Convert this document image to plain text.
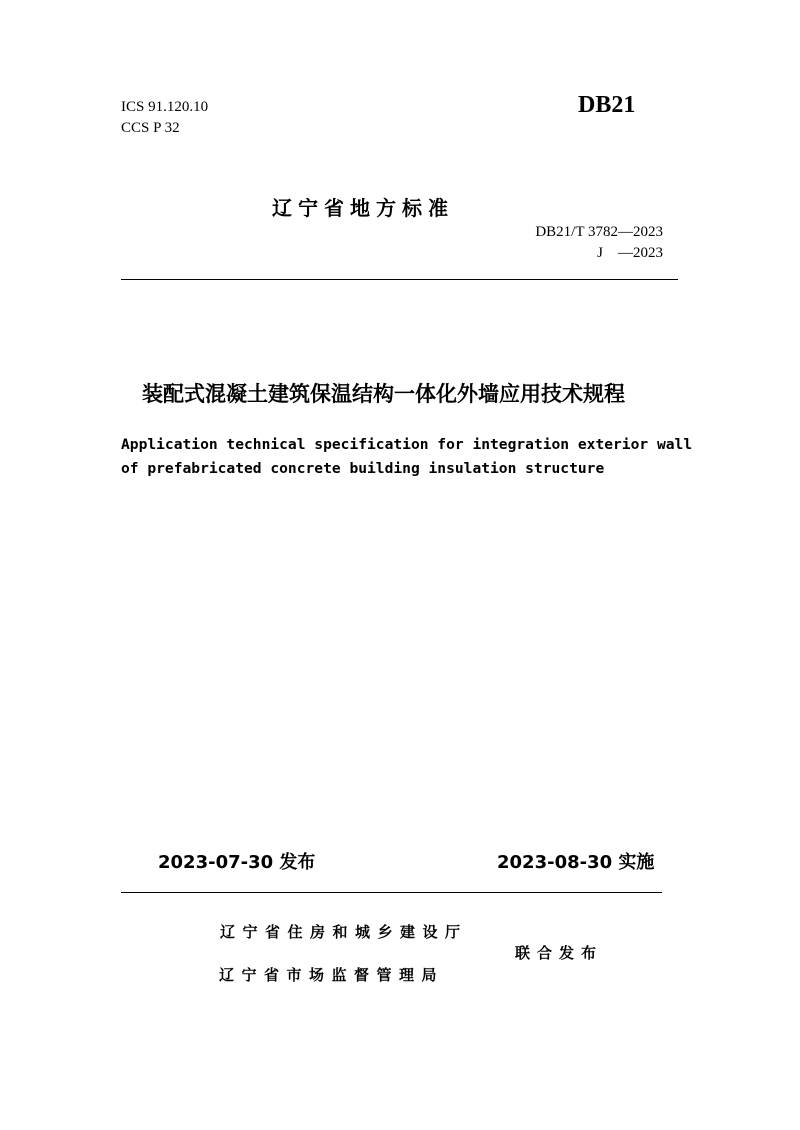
ICS 91.120.10
CCS P 32
DB21
辽宁省地方标准
DB21/T 3782—2023
J    —2023
装配式混凝土建筑保温结构一体化外墙应用技术规程
Application technical specification for integration exterior wall
of prefabricated concrete building insulation structure
2023-07-30 发布	2023-08-30 实施
辽宁省住房和城乡建设厅
辽宁省市场监督管理局
联合发布
